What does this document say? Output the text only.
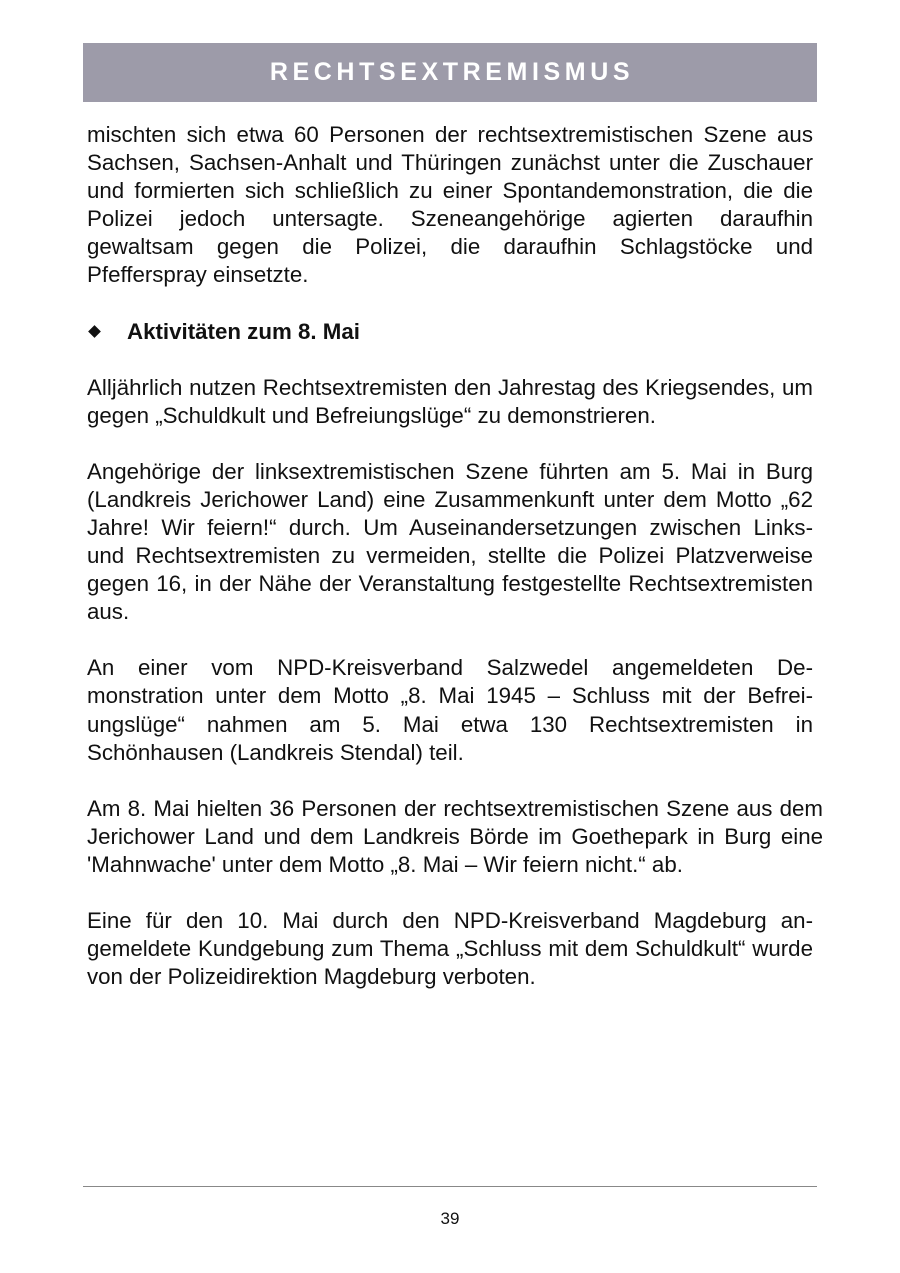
RECHTSEXTREMISMUS

mischten sich etwa 60 Personen der rechtsextremistischen Szene aus Sachsen, Sachsen-Anhalt und Thüringen zunächst unter die Zuschauer und formierten sich schließlich zu einer Spontandemonstration, die die Polizei jedoch untersagte. Szeneangehörige agierten daraufhin gewaltsam gegen die Polizei, die daraufhin Schlagstöcke und Pfefferspray einsetzte.

Aktivitäten zum 8. Mai

Alljährlich nutzen Rechtsextremisten den Jahrestag des Kriegsendes, um gegen „Schuldkult und Befreiungslüge“ zu demonstrieren.

Angehörige der linksextremistischen Szene führten am 5. Mai in Burg (Landkreis Jerichower Land) eine Zusammenkunft unter dem Motto „62 Jahre! Wir feiern!“ durch. Um Auseinandersetzungen zwischen Links- und Rechtsextremisten zu vermeiden, stellte die Polizei Platzverweise gegen 16, in der Nähe der Veranstaltung festgestellte Rechtsextremisten aus.

An einer vom NPD-Kreisverband Salzwedel angemeldeten Demonstration unter dem Motto „8. Mai 1945 – Schluss mit der Befreiungslüge“ nahmen am 5. Mai etwa 130 Rechtsextremisten in Schönhausen (Landkreis Stendal) teil.

Am 8. Mai hielten 36 Personen der rechtsextremistischen Szene aus dem Jerichower Land und dem Landkreis Börde im Goethepark in Burg eine 'Mahnwache' unter dem Motto „8. Mai – Wir feiern nicht.“ ab.

Eine für den 10. Mai durch den NPD-Kreisverband Magdeburg angemeldete Kundgebung zum Thema „Schluss mit dem Schuldkult“ wurde von der Polizeidirektion Magdeburg verboten.

39
